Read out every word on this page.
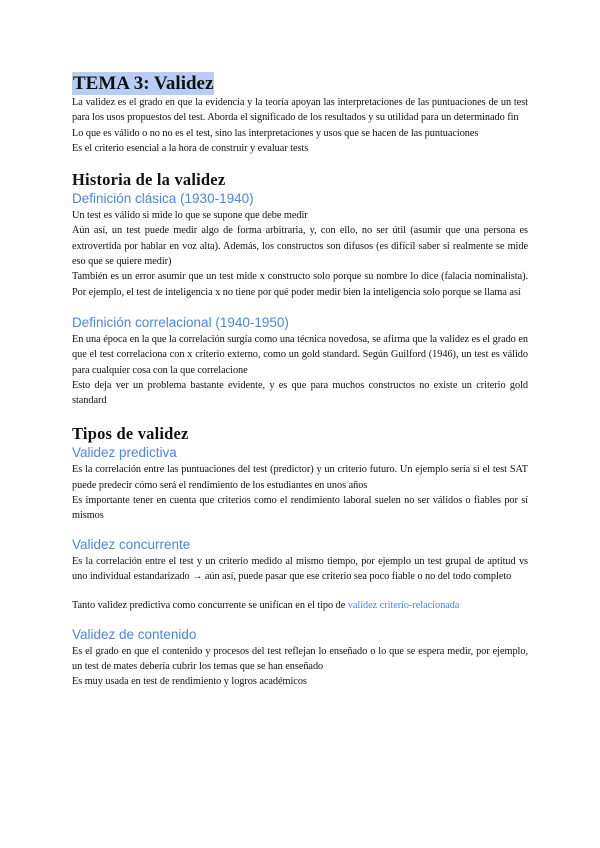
TEMA 3: Validez

La validez es el grado en que la evidencia y la teoría apoyan las interpretaciones de las puntuaciones de un test para los usos propuestos del test. Aborda el significado de los resultados y su utilidad para un determinado fin

Lo que es válido o no no es el test, sino las interpretaciones y usos que se hacen de las puntuaciones

Es el criterio esencial a la hora de construir y evaluar tests

Historia de la validez
Definición clásica (1930-1940)

Un test es válido si mide lo que se supone que debe medir

Aún así, un test puede medir algo de forma arbitraria, y, con ello, no ser útil (asumir que una persona es extrovertida por hablar en voz alta). Además, los constructos son difusos (es difícil saber si realmente se mide eso que se quiere medir)

También es un error asumir que un test mide x constructo solo porque su nombre lo dice (falacia nominalista). Por ejemplo, el test de inteligencia x no tiene por qué poder medir bien la inteligencia solo porque se llama así

Definición correlacional (1940-1950)

En una época en la que la correlación surgía como una técnica novedosa, se afirma que la validez es el grado en que el test correlaciona con x criterio externo, como un gold standard. Según Guilford (1946), un test es válido para cualquier cosa con la que correlacione

Esto deja ver un problema bastante evidente, y es que para muchos constructos no existe un criterio gold standard

Tipos de validez
Validez predictiva

Es la correlación entre las puntuaciones del test (predictor) y un criterio futuro. Un ejemplo sería si el test SAT puede predecir cómo será el rendimiento de los estudiantes en unos años

Es importante tener en cuenta que criterios como el rendimiento laboral suelen no ser válidos o fiables por sí mismos

Validez concurrente

Es la correlación entre el test y un criterio medido al mismo tiempo, por ejemplo un test grupal de aptitud vs uno individual estandarizado → aún así, puede pasar que ese criterio sea poco fiable o no del todo completo

Tanto validez predictiva como concurrente se unifican en el tipo de validez criterio-relacionada

Validez de contenido

Es el grado en que el contenido y procesos del test reflejan lo enseñado o lo que se espera medir, por ejemplo, un test de mates debería cubrir los temas que se han enseñado

Es muy usada en test de rendimiento y logros académicos
